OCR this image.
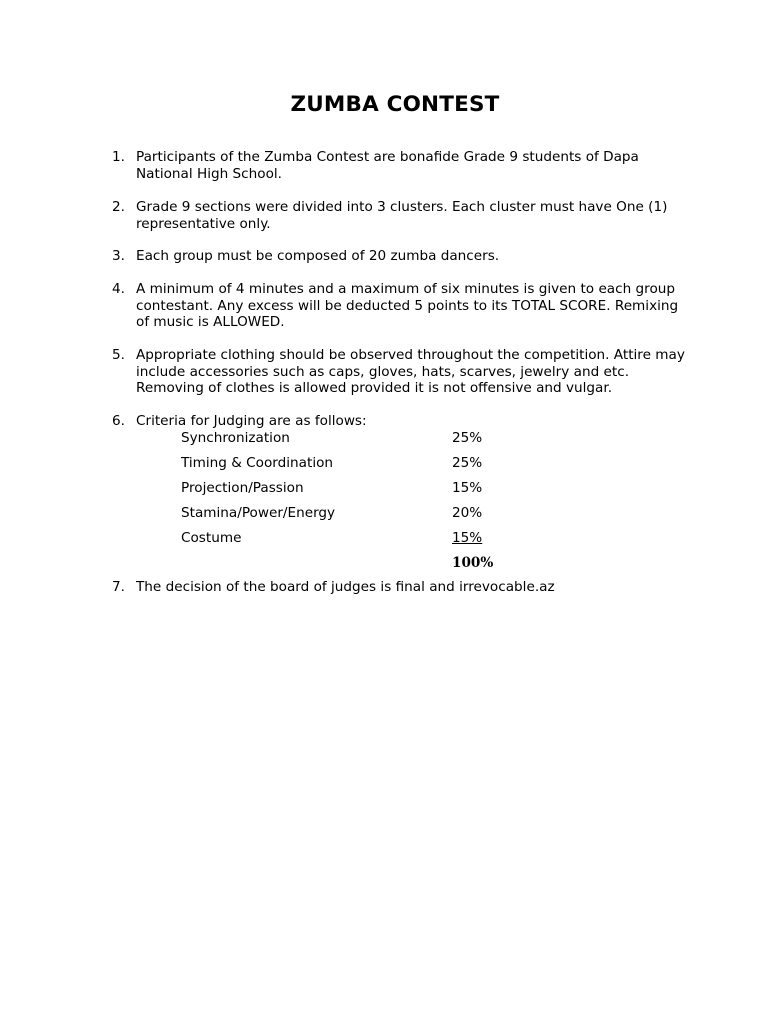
ZUMBA CONTEST
1. Participants of the Zumba Contest are bonafide Grade 9 students of Dapa National High School.
2. Grade 9 sections were divided into 3 clusters. Each cluster must have One (1) representative only.
3. Each group must be composed of 20 zumba dancers.
4. A minimum of 4 minutes and a maximum of six minutes is given to each group contestant. Any excess will be deducted 5 points to its TOTAL SCORE. Remixing of music is ALLOWED.
5. Appropriate clothing should be observed throughout the competition. Attire may include accessories such as caps, gloves, hats, scarves, jewelry and etc. Removing of clothes is allowed provided it is not offensive and vulgar.
6. Criteria for Judging are as follows:
Synchronization	25%
Timing & Coordination	25%
Projection/Passion	15%
Stamina/Power/Energy	20%
Costume	15%
100%
7. The decision of the board of judges is final and irrevocable.az
